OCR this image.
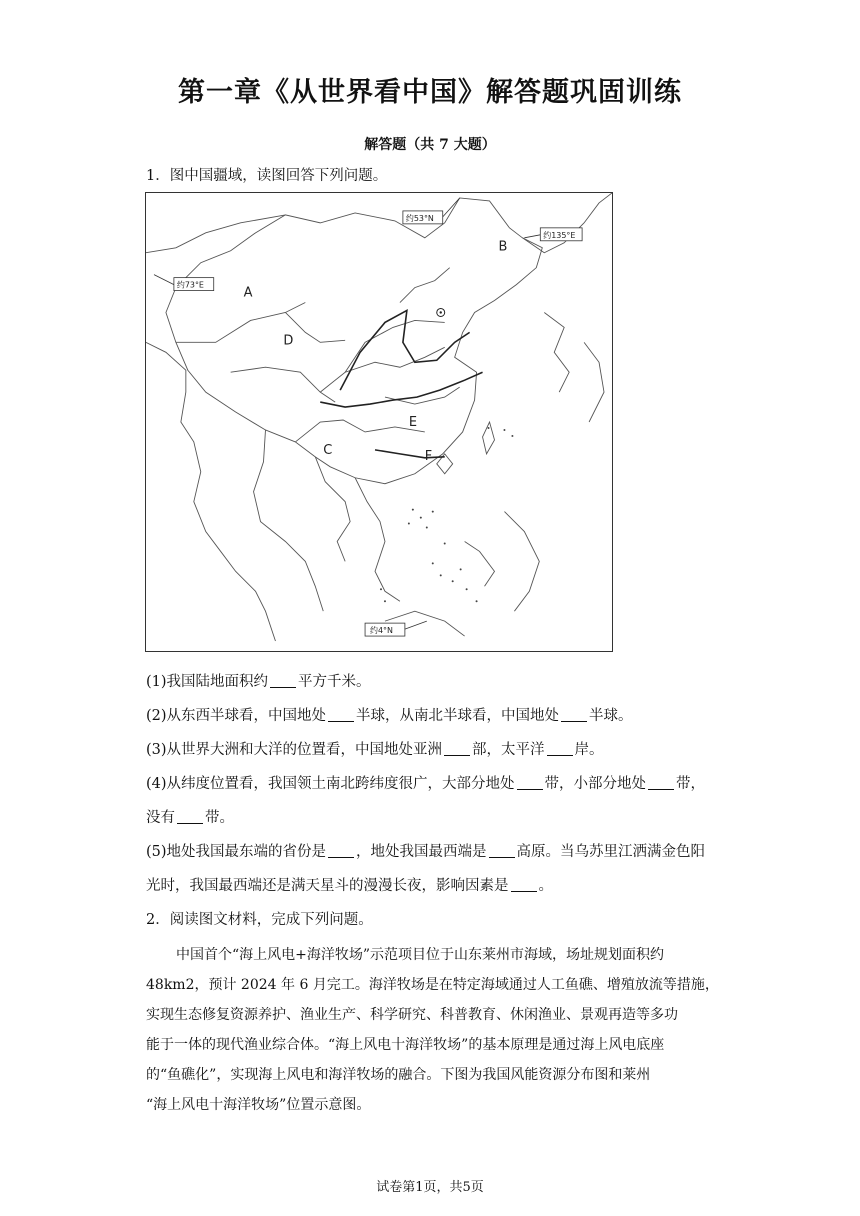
第一章《从世界看中国》解答题巩固训练
解答题（共 7 大题）
1．图中国疆域，读图回答下列问题。
约53°N
约135°E
约73°E
约4°N
A
B
C
D
E
F
(1)我国陆地面积约 平方千米。
(2)从东西半球看，中国地处 半球，从南北半球看，中国地处 半球。
(3)从世界大洲和大洋的位置看，中国地处亚洲 部，太平洋 岸。
(4)从纬度位置看，我国领土南北跨纬度很广，大部分地处 带，小部分地处 带，
没有 带。
(5)地处我国最东端的省份是 ，地处我国最西端是 高原。当乌苏里江洒满金色阳
光时，我国最西端还是满天星斗的漫漫长夜，影响因素是 。
2．阅读图文材料，完成下列问题。
中国首个“海上风电+海洋牧场”示范项目位于山东莱州市海域，场址规划面积约
48km2，预计 2024 年 6 月完工。海洋牧场是在特定海域通过人工鱼礁、增殖放流等措施，
实现生态修复资源养护、渔业生产、科学研究、科普教育、休闲渔业、景观再造等多功
能于一体的现代渔业综合体。“海上风电十海洋牧场”的基本原理是通过海上风电底座
的“鱼礁化”，实现海上风电和海洋牧场的融合。下图为我国风能资源分布图和莱州
“海上风电十海洋牧场”位置示意图。
试卷第1页，共5页
